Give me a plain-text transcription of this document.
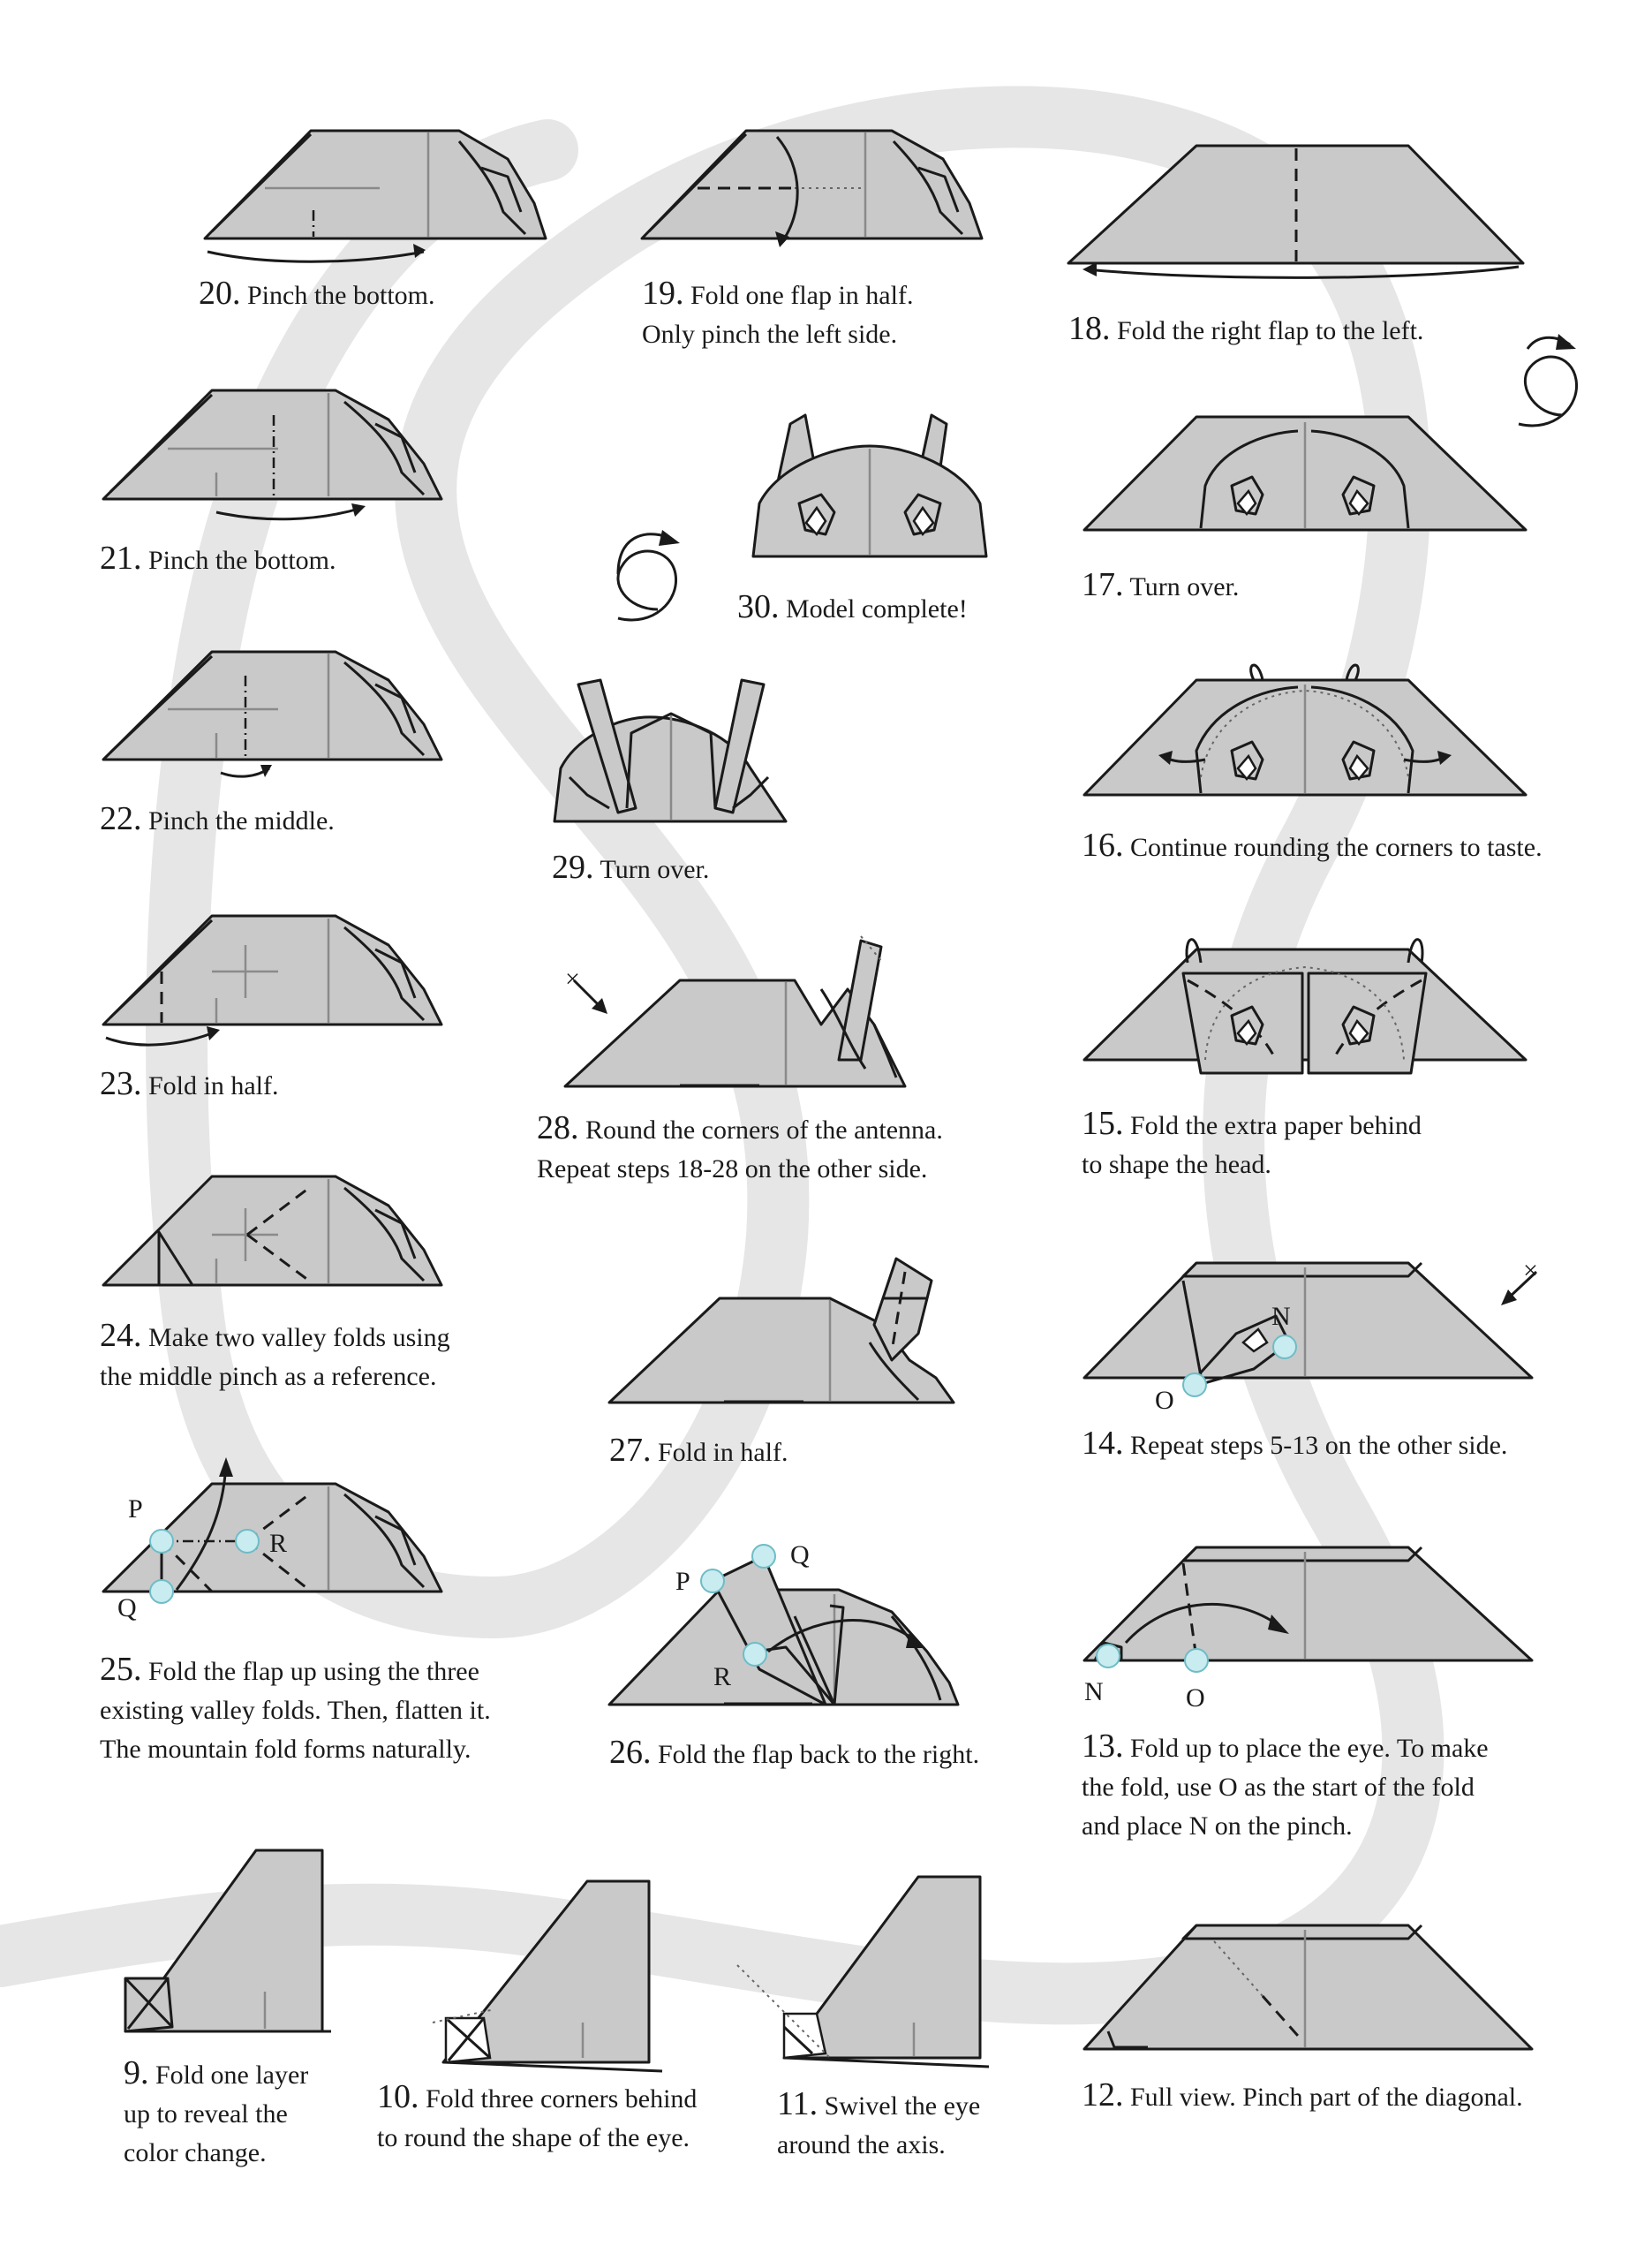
20. Pinch the bottom.	19. Fold one flap in half.
Only pinch the left side.	18. Fold the right flap to the left.
21. Pinch the bottom.
30. Model complete!
17. Turn over.
22. Pinch the middle.
29. Turn over.
16. Continue rounding the corners to taste.
23. Fold in half.
×
28. Round the corners of the antenna.
Repeat steps 18-28 on the other side.
15. Fold the extra paper behind
to shape the head.
24. Make two valley folds using
the middle pinch as a reference.
27. Fold in half.
N
O
×
14. Repeat steps 5-13 on the other side.
P
Q
R
25. Fold the flap up using the three
existing valley folds. Then, flatten it.
The mountain fold forms naturally.
P
Q
R
26. Fold the flap back to the right.
N	O
13. Fold up to place the eye. To make
the fold, use O as the start of the fold
and place N on the pinch.
9. Fold one layer
up to reveal the
color change.
10. Fold three corners behind
to round the shape of the eye.
11. Swivel the eye
around the axis.
12. Full view. Pinch part of the diagonal.
